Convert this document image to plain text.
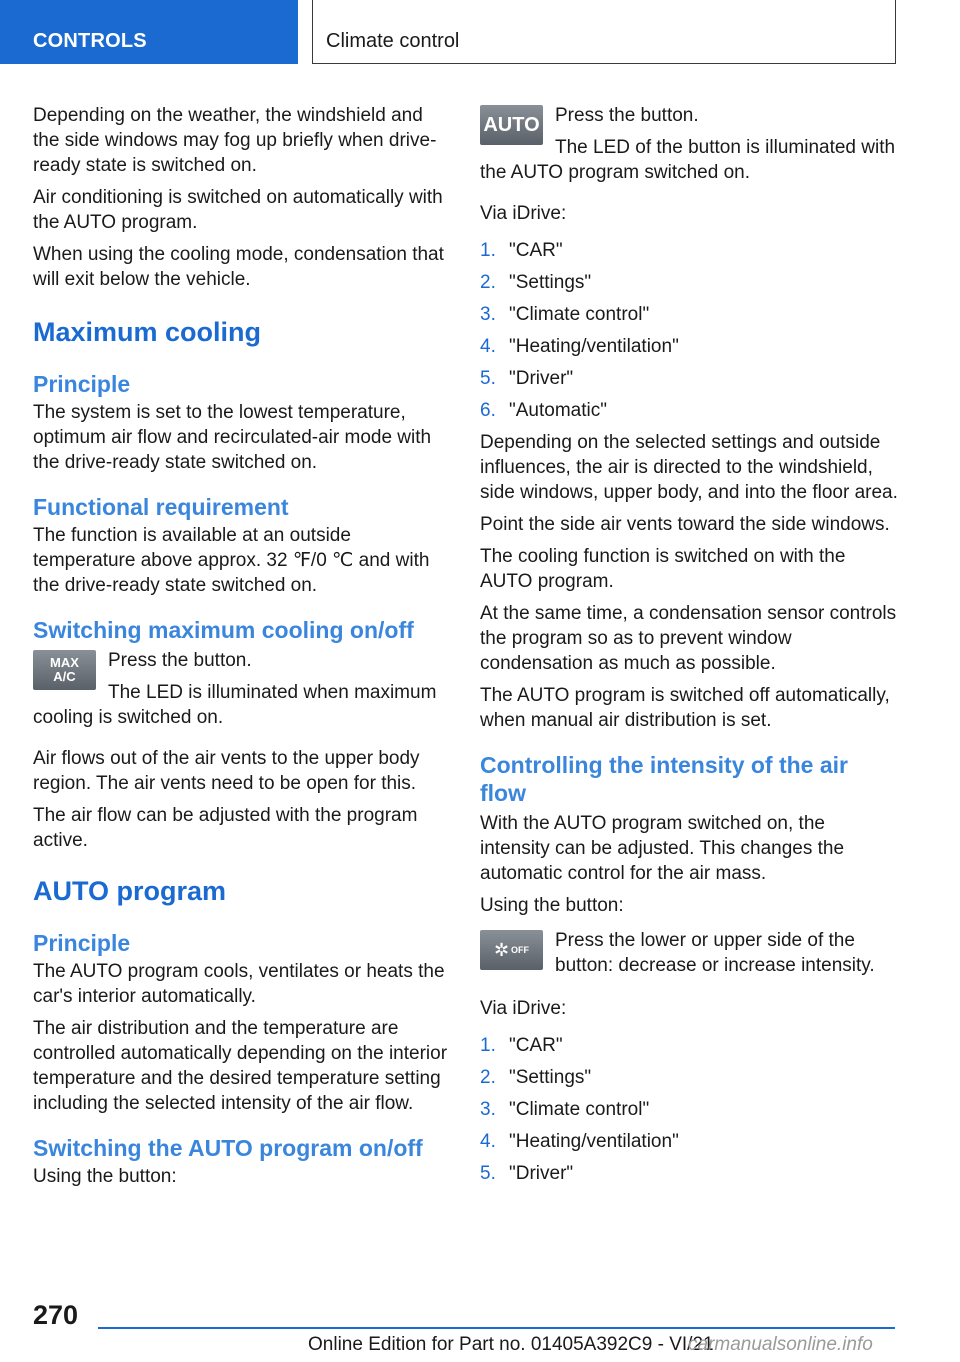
CONTROLS	Climate control

Depending on the weather, the windshield and the side windows may fog up briefly when drive-ready state is switched on.

Air conditioning is switched on automatically with the AUTO program.

When using the cooling mode, condensation that will exit below the vehicle.

Maximum cooling
Principle

The system is set to the lowest temperature, optimum air flow and recirculated-air mode with the drive-ready state switched on.

Functional requirement

The function is available at an outside temperature above approx. 32 ℉/0 ℃ and with the drive-ready state switched on.

Switching maximum cooling on/off
MAX A/C

Press the button.

The LED is illuminated when maximum cooling is switched on.

Air flows out of the air vents to the upper body region. The air vents need to be open for this.

The air flow can be adjusted with the program active.

AUTO program
Principle

The AUTO program cools, ventilates or heats the car's interior automatically.

The air distribution and the temperature are controlled automatically depending on the interior temperature and the desired temperature setting including the selected intensity of the air flow.

Switching the AUTO program on/off

Using the button:

AUTO Press the button.

The LED of the button is illuminated with the AUTO program switched on.

Via iDrive:

1. "CAR"
2. "Settings"
3. "Climate control"
4. "Heating/ventilation"
5. "Driver"
6. "Automatic"

Depending on the selected settings and outside influences, the air is directed to the windshield, side windows, upper body, and into the floor area.

Point the side air vents toward the side windows.

The cooling function is switched on with the AUTO program.

At the same time, a condensation sensor controls the program so as to prevent window condensation as much as possible.

The AUTO program is switched off automatically, when manual air distribution is set.

Controlling the intensity of the air flow

With the AUTO program switched on, the intensity can be adjusted. This changes the automatic control for the air mass.

Using the button:

✲ OFF	Press the lower or upper side of the button: decrease or increase intensity.

Via iDrive:

1. "CAR"
2. "Settings"
3. "Climate control"
4. "Heating/ventilation"
5. "Driver"
270
Online Edition for Part no. 01405A392C9 - VI/21
carmanualsonline.info
